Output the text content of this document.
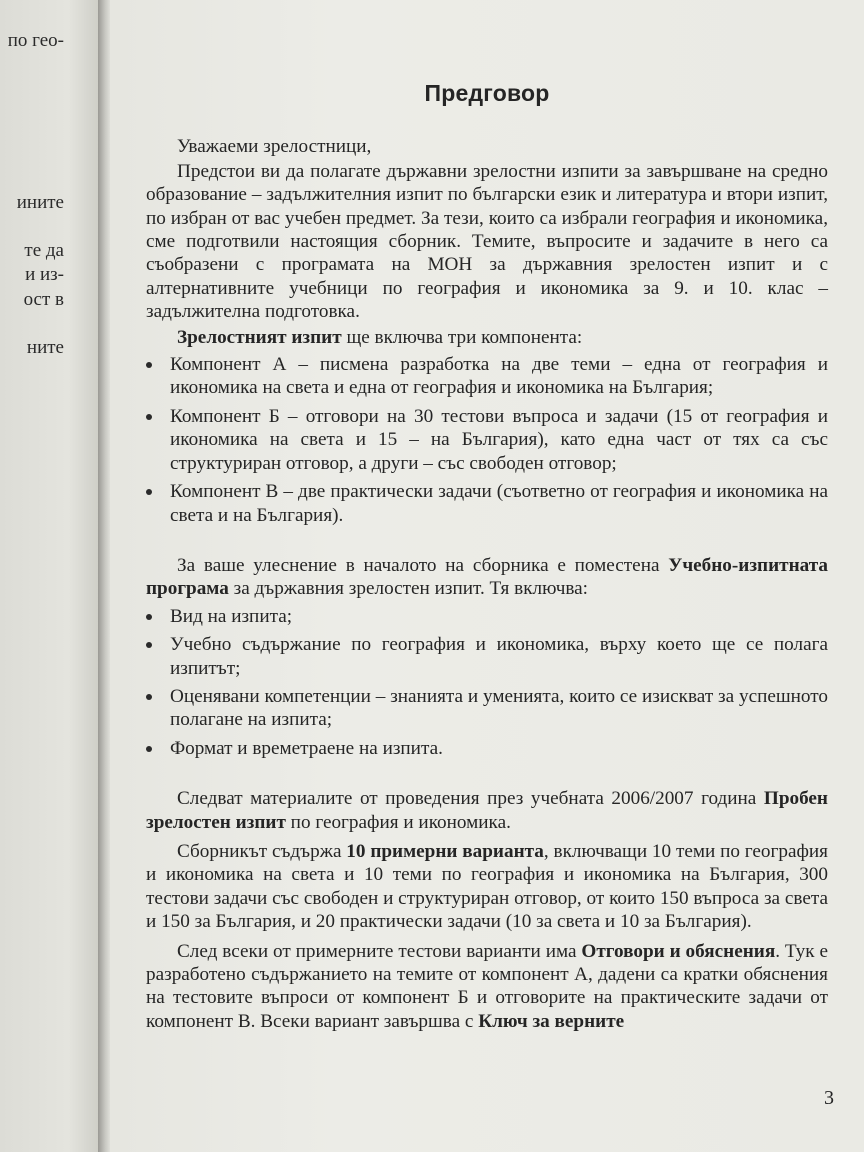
по гео-
ините
те да
и из-
ост в
ните
Предговор

Уважаеми зрелостници,

Предстои ви да полагате държавни зрелостни изпити за завършване на средно образование – задължителния изпит по български език и литература и втори изпит, по избран от вас учебен предмет. За тези, които са избрали география и икономика, сме подготвили настоящия сборник. Темите, въпросите и задачите в него са съобразени с програмата на МОН за държавния зрелостен изпит и с алтернативните учебници по география и икономика за 9. и 10. клас – задължителна подготовка.

Зрелостният изпит ще включва три компонента:

Компонент А – писмена разработка на две теми – една от география и икономика на света и една от география и икономика на България;
Компонент Б – отговори на 30 тестови въпроса и задачи (15 от география и икономика на света и 15 – на България), като една част от тях са със структуриран отговор, а други – със свободен отговор;
Компонент В – две практически задачи (съответно от география и икономика на света и на България).

За ваше улеснение в началото на сборника е поместена Учебно-изпитната програма за държавния зрелостен изпит. Тя включва:

Вид на изпита;
Учебно съдържание по география и икономика, върху което ще се полага изпитът;
Оценявани компетенции – знанията и уменията, които се изискват за успешното полагане на изпита;
Формат и времетраене на изпита.

Следват материалите от проведения през учебната 2006/2007 година Пробен зрелостен изпит по география и икономика.

Сборникът съдържа 10 примерни варианта, включващи 10 теми по география и икономика на света и 10 теми по география и икономика на България, 300 тестови задачи със свободен и структуриран отговор, от които 150 въпроса за света и 150 за България, и 20 практически задачи (10 за света и 10 за България).

След всеки от примерните тестови варианти има Отговори и обяснения. Тук е разработено съдържанието на темите от компонент А, дадени са кратки обяснения на тестовите въпроси от компонент Б и отговорите на практическите задачи от компонент В. Всеки вариант завършва с Ключ за верните

3
